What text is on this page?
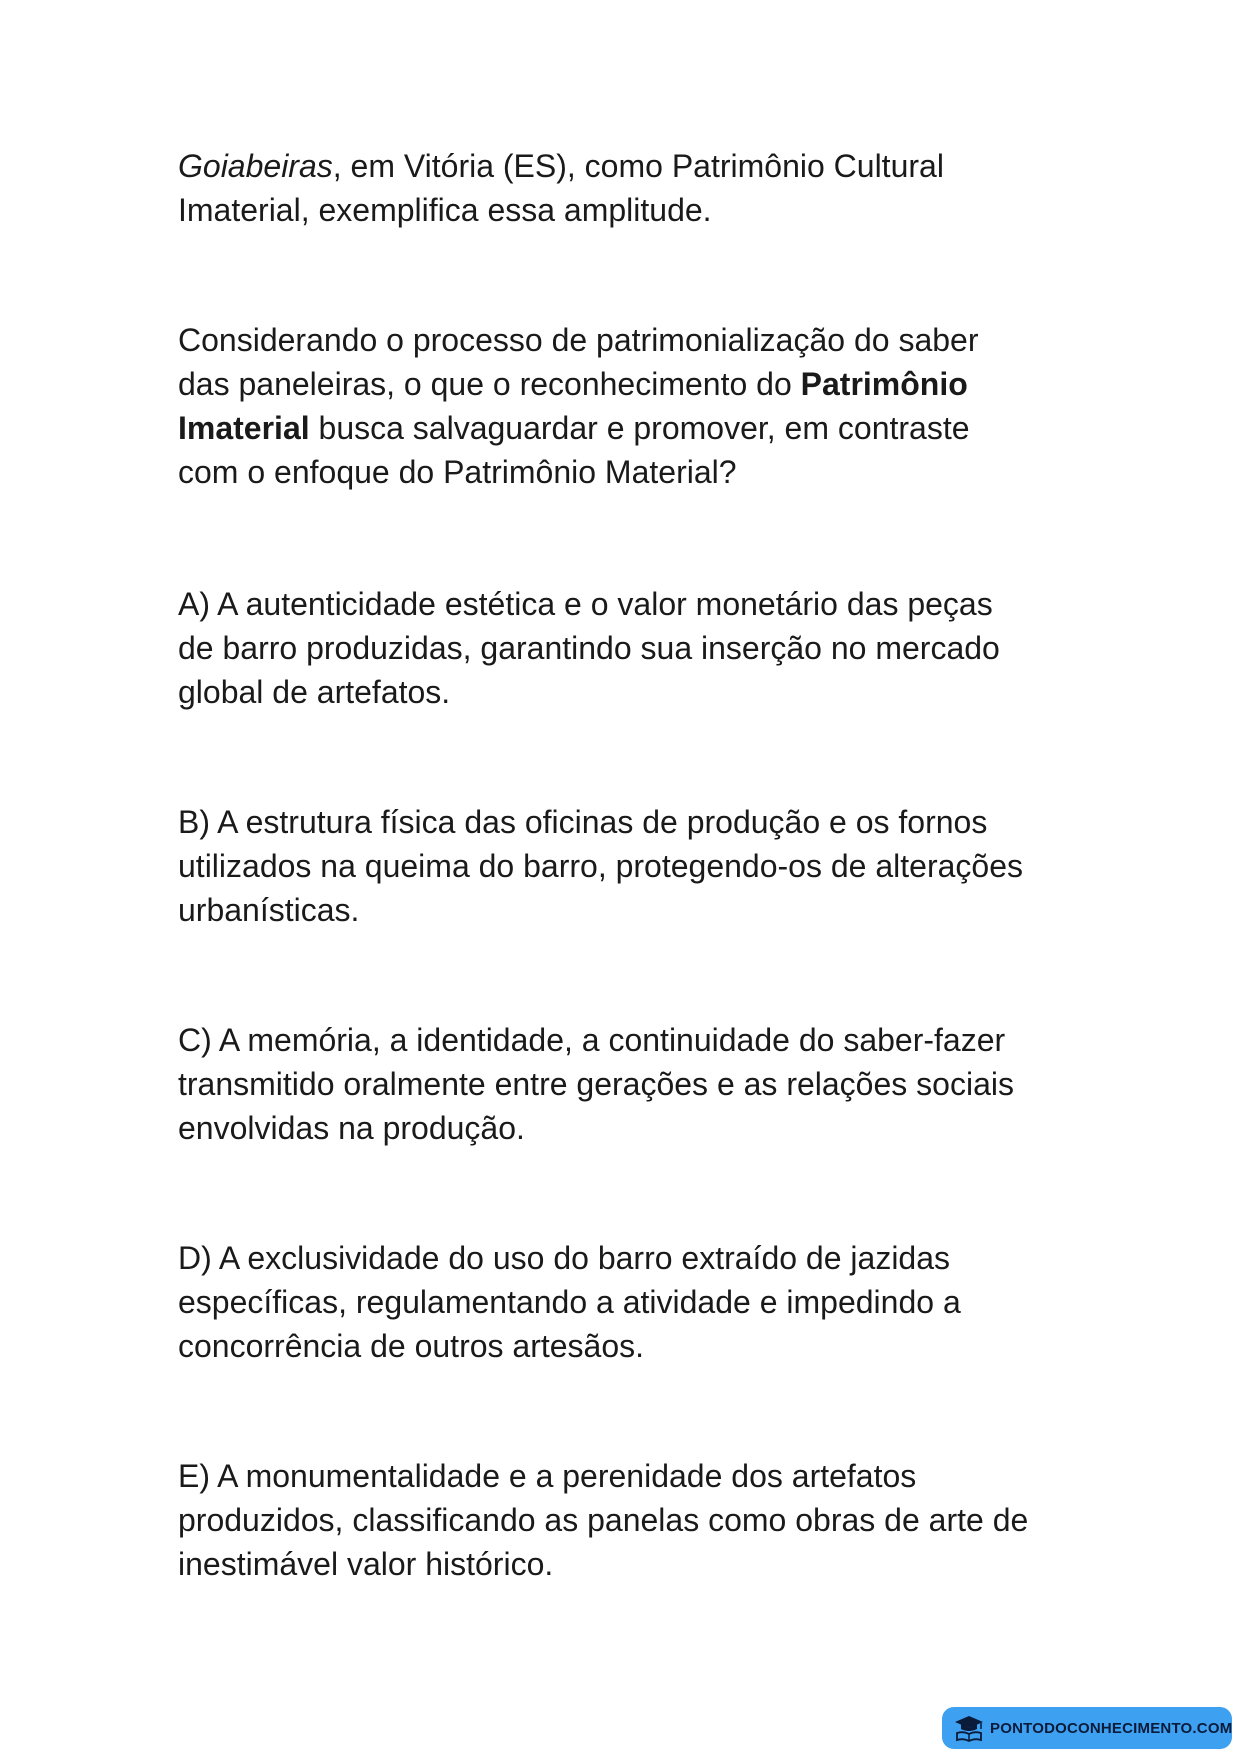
Goiabeiras, em Vitória (ES), como Patrimônio Cultural
Imaterial, exemplifica essa amplitude.

Considerando o processo de patrimonialização do saber
das paneleiras, o que o reconhecimento do Patrimônio
Imaterial busca salvaguardar e promover, em contraste
com o enfoque do Patrimônio Material?

A) A autenticidade estética e o valor monetário das peças
de barro produzidas, garantindo sua inserção no mercado
global de artefatos.

B) A estrutura física das oficinas de produção e os fornos
utilizados na queima do barro, protegendo-os de alterações
urbanísticas.

C) A memória, a identidade, a continuidade do saber-fazer
transmitido oralmente entre gerações e as relações sociais
envolvidas na produção.

D) A exclusividade do uso do barro extraído de jazidas
específicas, regulamentando a atividade e impedindo a
concorrência de outros artesãos.

E) A monumentalidade e a perenidade dos artefatos
produzidos, classificando as panelas como obras de arte de
inestimável valor histórico.

PONTODOCONHECIMENTO.COM
